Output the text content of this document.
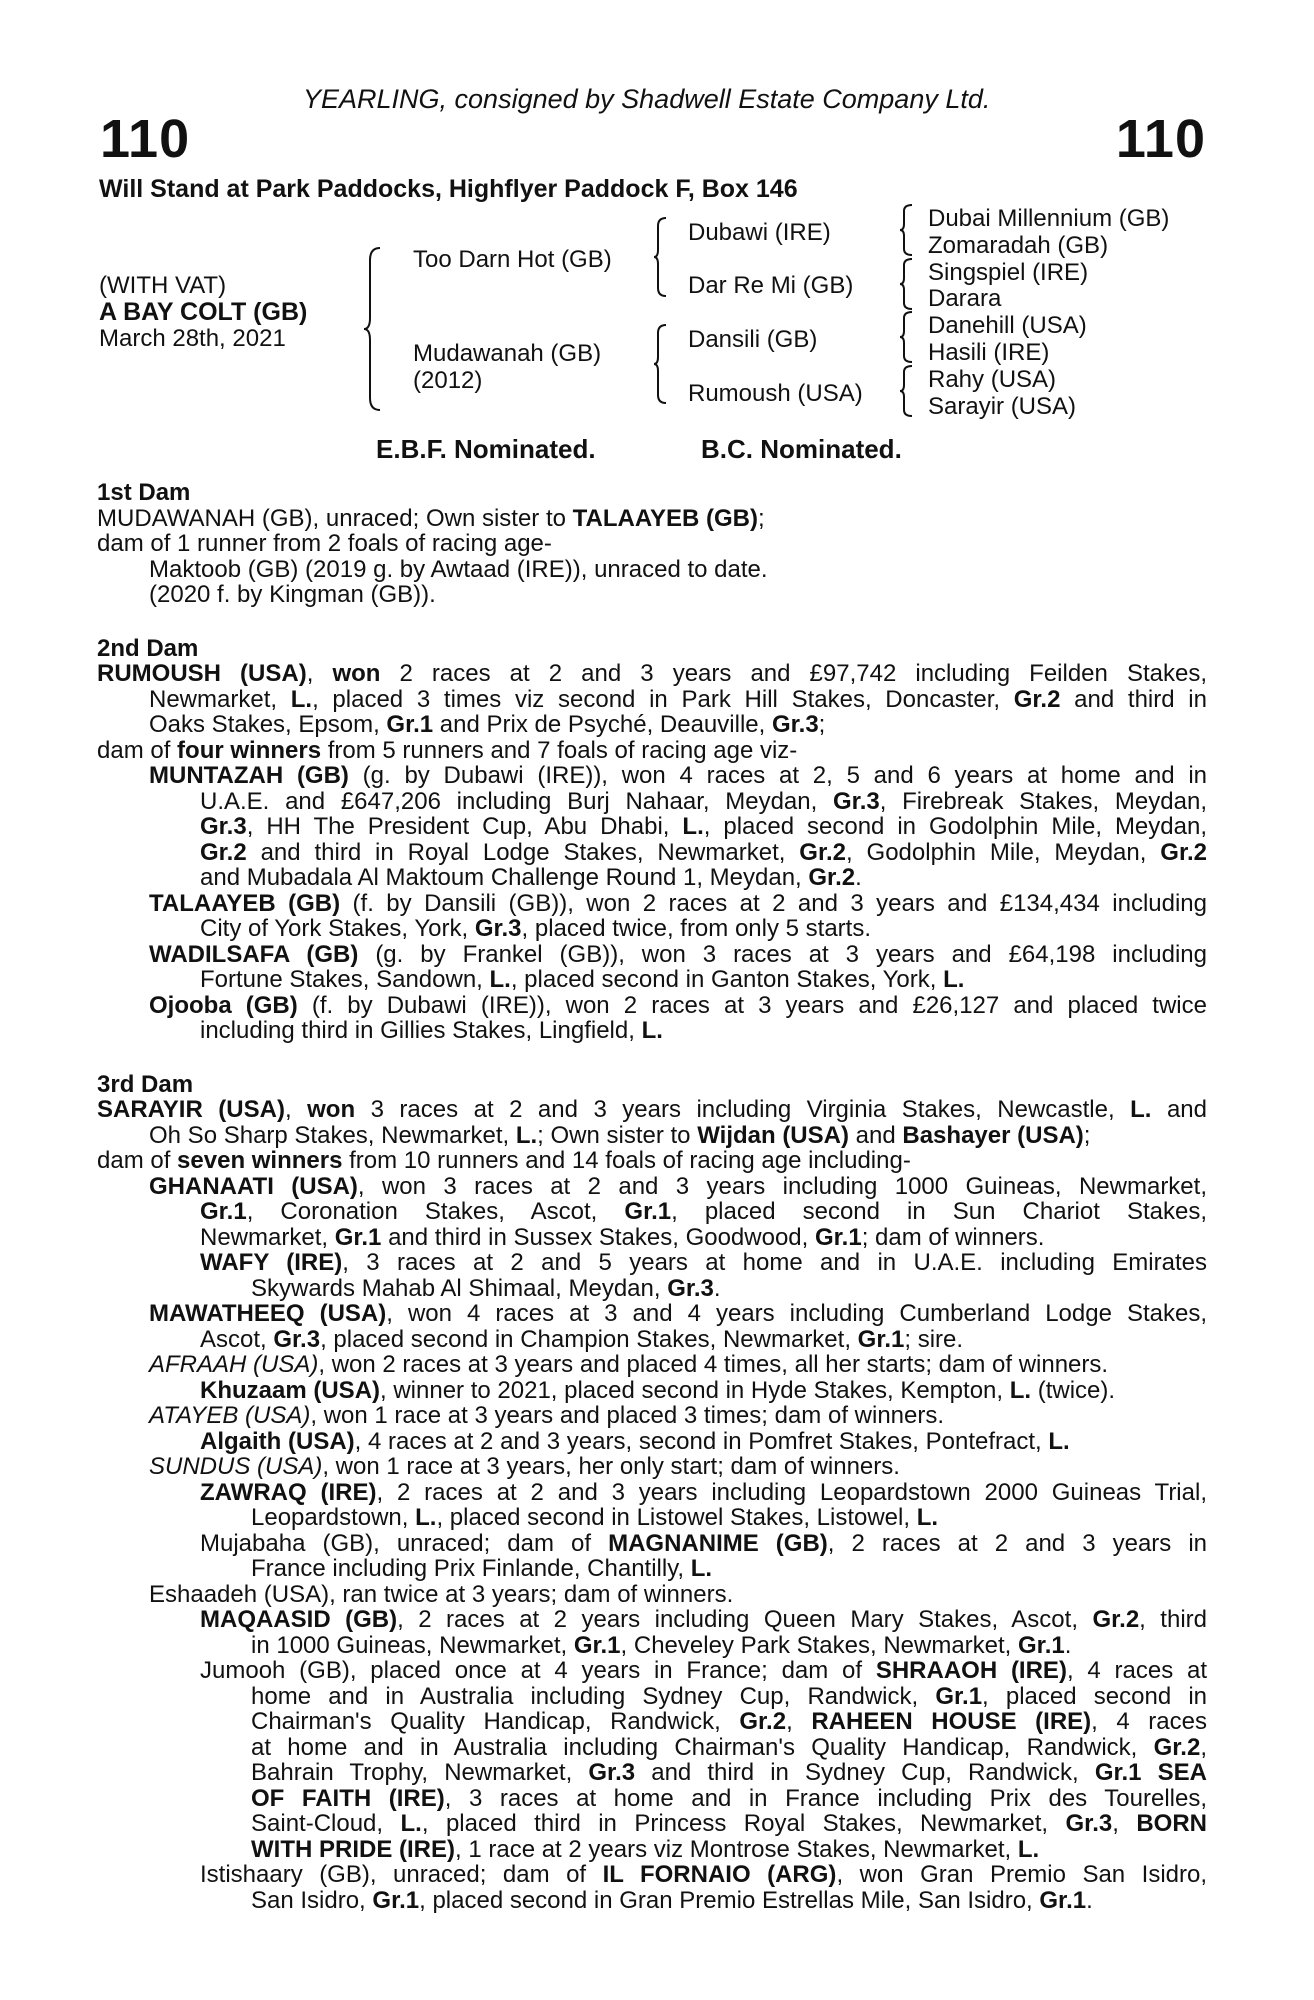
YEARLING, consigned by Shadwell Estate Company Ltd.
110	110
Will Stand at Park Paddocks, Highflyer Paddock F, Box 146
(WITH VAT)
A BAY COLT (GB)
March 28th, 2021
Too Darn Hot (GB)
Mudawanah (GB)
(2012)
Dubawi (IRE)
Dar Re Mi (GB)
Dansili (GB)
Rumoush (USA)
Dubai Millennium (GB)
Zomaradah (GB)
Singspiel (IRE)
Darara
Danehill (USA)
Hasili (IRE)
Rahy (USA)
Sarayir (USA)
E.B.F. Nominated.	B.C. Nominated.
1st Dam
MUDAWANAH (GB), unraced; Own sister to TALAAYEB (GB);
dam of 1 runner from 2 foals of racing age-
Maktoob (GB) (2019 g. by Awtaad (IRE)), unraced to date.
(2020 f. by Kingman (GB)).
2nd Dam
RUMOUSH (USA), won 2 races at 2 and 3 years and £97,742 including Feilden Stakes,
Newmarket, L., placed 3 times viz second in Park Hill Stakes, Doncaster, Gr.2 and third in
Oaks Stakes, Epsom, Gr.1 and Prix de Psyché, Deauville, Gr.3;
dam of four winners from 5 runners and 7 foals of racing age viz-
MUNTAZAH (GB) (g. by Dubawi (IRE)), won 4 races at 2, 5 and 6 years at home and in
U.A.E. and £647,206 including Burj Nahaar, Meydan, Gr.3, Firebreak Stakes, Meydan,
Gr.3, HH The President Cup, Abu Dhabi, L., placed second in Godolphin Mile, Meydan,
Gr.2 and third in Royal Lodge Stakes, Newmarket, Gr.2, Godolphin Mile, Meydan, Gr.2
and Mubadala Al Maktoum Challenge Round 1, Meydan, Gr.2.
TALAAYEB (GB) (f. by Dansili (GB)), won 2 races at 2 and 3 years and £134,434 including
City of York Stakes, York, Gr.3, placed twice, from only 5 starts.
WADILSAFA (GB) (g. by Frankel (GB)), won 3 races at 3 years and £64,198 including
Fortune Stakes, Sandown, L., placed second in Ganton Stakes, York, L.
Ojooba (GB) (f. by Dubawi (IRE)), won 2 races at 3 years and £26,127 and placed twice
including third in Gillies Stakes, Lingfield, L.
3rd Dam
SARAYIR (USA), won 3 races at 2 and 3 years including Virginia Stakes, Newcastle, L. and
Oh So Sharp Stakes, Newmarket, L.; Own sister to Wijdan (USA) and Bashayer (USA);
dam of seven winners from 10 runners and 14 foals of racing age including-
GHANAATI (USA), won 3 races at 2 and 3 years including 1000 Guineas, Newmarket,
Gr.1, Coronation Stakes, Ascot, Gr.1, placed second in Sun Chariot Stakes,
Newmarket, Gr.1 and third in Sussex Stakes, Goodwood, Gr.1; dam of winners.
WAFY (IRE), 3 races at 2 and 5 years at home and in U.A.E. including Emirates
Skywards Mahab Al Shimaal, Meydan, Gr.3.
MAWATHEEQ (USA), won 4 races at 3 and 4 years including Cumberland Lodge Stakes,
Ascot, Gr.3, placed second in Champion Stakes, Newmarket, Gr.1; sire.
AFRAAH (USA), won 2 races at 3 years and placed 4 times, all her starts; dam of winners.
Khuzaam (USA), winner to 2021, placed second in Hyde Stakes, Kempton, L. (twice).
ATAYEB (USA), won 1 race at 3 years and placed 3 times; dam of winners.
Algaith (USA), 4 races at 2 and 3 years, second in Pomfret Stakes, Pontefract, L.
SUNDUS (USA), won 1 race at 3 years, her only start; dam of winners.
ZAWRAQ (IRE), 2 races at 2 and 3 years including Leopardstown 2000 Guineas Trial,
Leopardstown, L., placed second in Listowel Stakes, Listowel, L.
Mujabaha (GB), unraced; dam of MAGNANIME (GB), 2 races at 2 and 3 years in
France including Prix Finlande, Chantilly, L.
Eshaadeh (USA), ran twice at 3 years; dam of winners.
MAQAASID (GB), 2 races at 2 years including Queen Mary Stakes, Ascot, Gr.2, third
in 1000 Guineas, Newmarket, Gr.1, Cheveley Park Stakes, Newmarket, Gr.1.
Jumooh (GB), placed once at 4 years in France; dam of SHRAAOH (IRE), 4 races at
home and in Australia including Sydney Cup, Randwick, Gr.1, placed second in
Chairman's Quality Handicap, Randwick, Gr.2, RAHEEN HOUSE (IRE), 4 races
at home and in Australia including Chairman's Quality Handicap, Randwick, Gr.2,
Bahrain Trophy, Newmarket, Gr.3 and third in Sydney Cup, Randwick, Gr.1 SEA
OF FAITH (IRE), 3 races at home and in France including Prix des Tourelles,
Saint-Cloud, L., placed third in Princess Royal Stakes, Newmarket, Gr.3, BORN
WITH PRIDE (IRE), 1 race at 2 years viz Montrose Stakes, Newmarket, L.
Istishaary (GB), unraced; dam of IL FORNAIO (ARG), won Gran Premio San Isidro,
San Isidro, Gr.1, placed second in Gran Premio Estrellas Mile, San Isidro, Gr.1.
